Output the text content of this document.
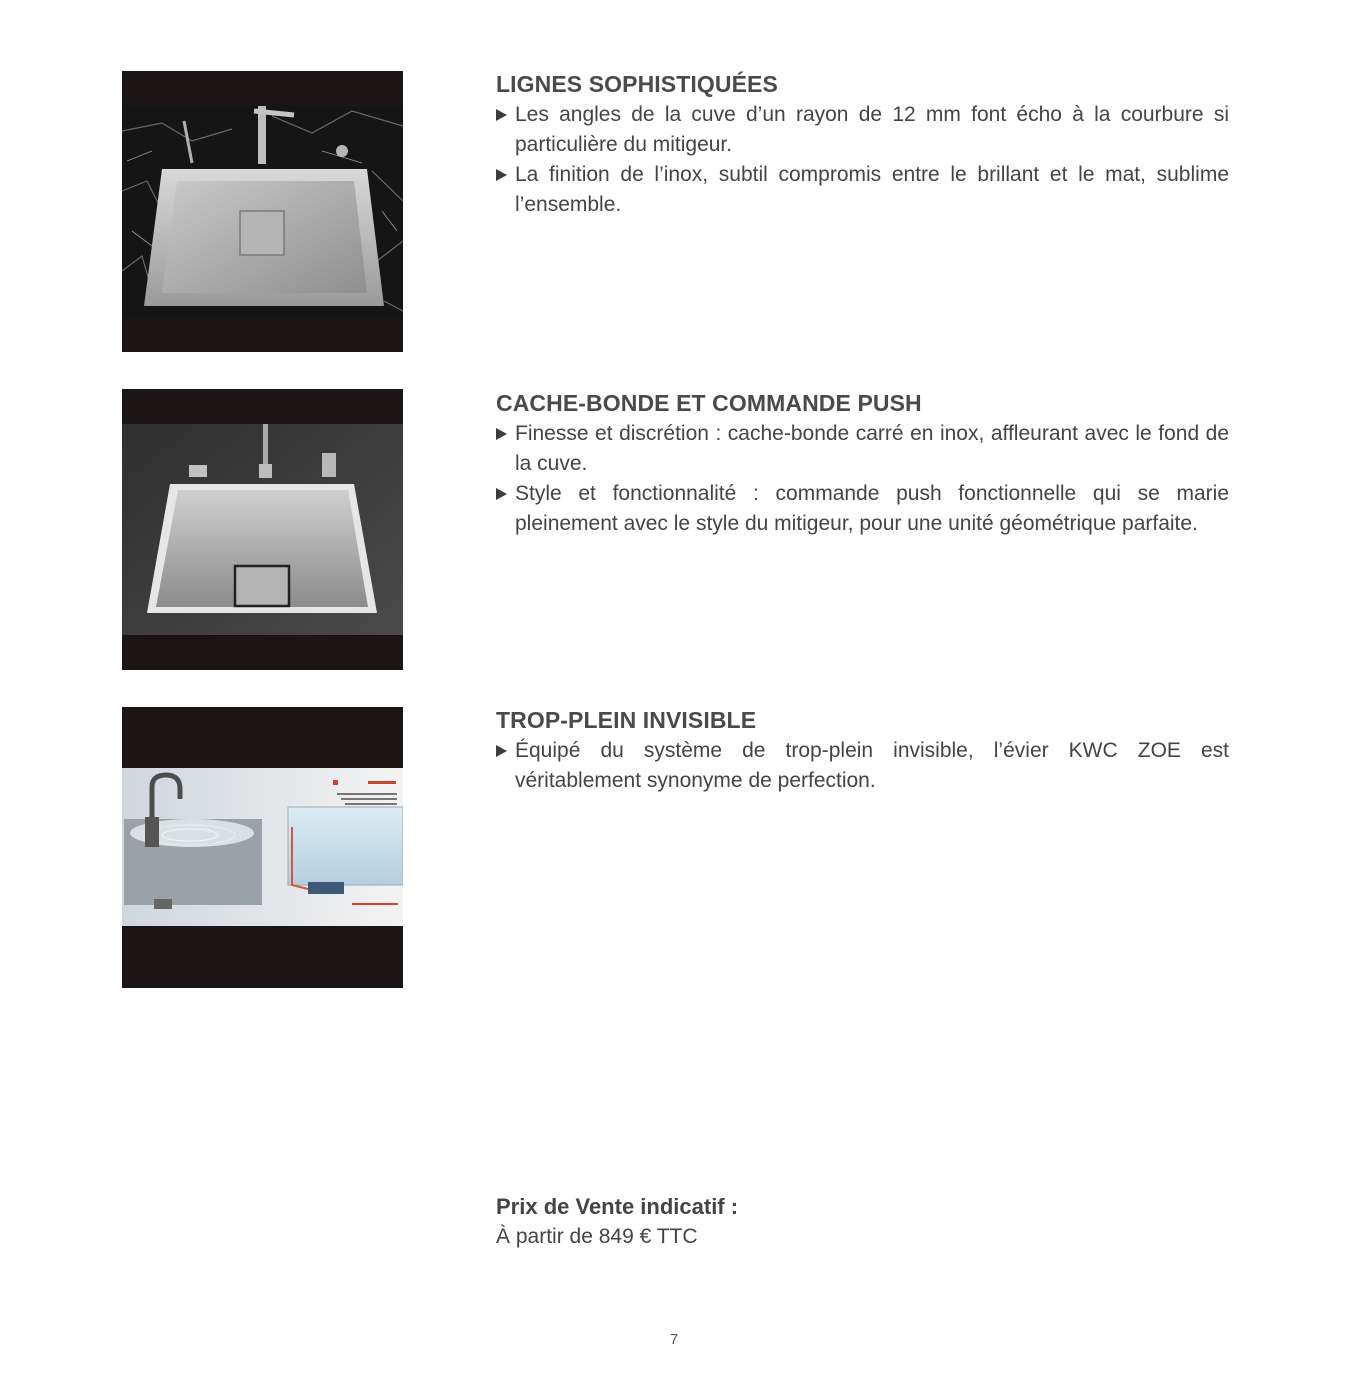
LIGNES SOPHISTIQUÉES
Les angles de la cuve d’un rayon de 12 mm font écho à la courbure si particulière du mitigeur.
La finition de l’inox, subtil compromis entre le brillant et le mat, sublime l’ensemble.
CACHE-BONDE ET COMMANDE PUSH
Finesse et discrétion : cache-bonde carré en inox, affleurant avec le fond de la cuve.
Style et fonctionnalité : commande push fonctionnelle qui se marie pleinement avec le style du mitigeur, pour une unité géométrique parfaite.
TROP-PLEIN INVISIBLE
Équipé du système de trop-plein invisible, l’évier KWC ZOE est véritablement synonyme de perfection.
Prix de Vente indicatif :
À partir de 849 € TTC
7
